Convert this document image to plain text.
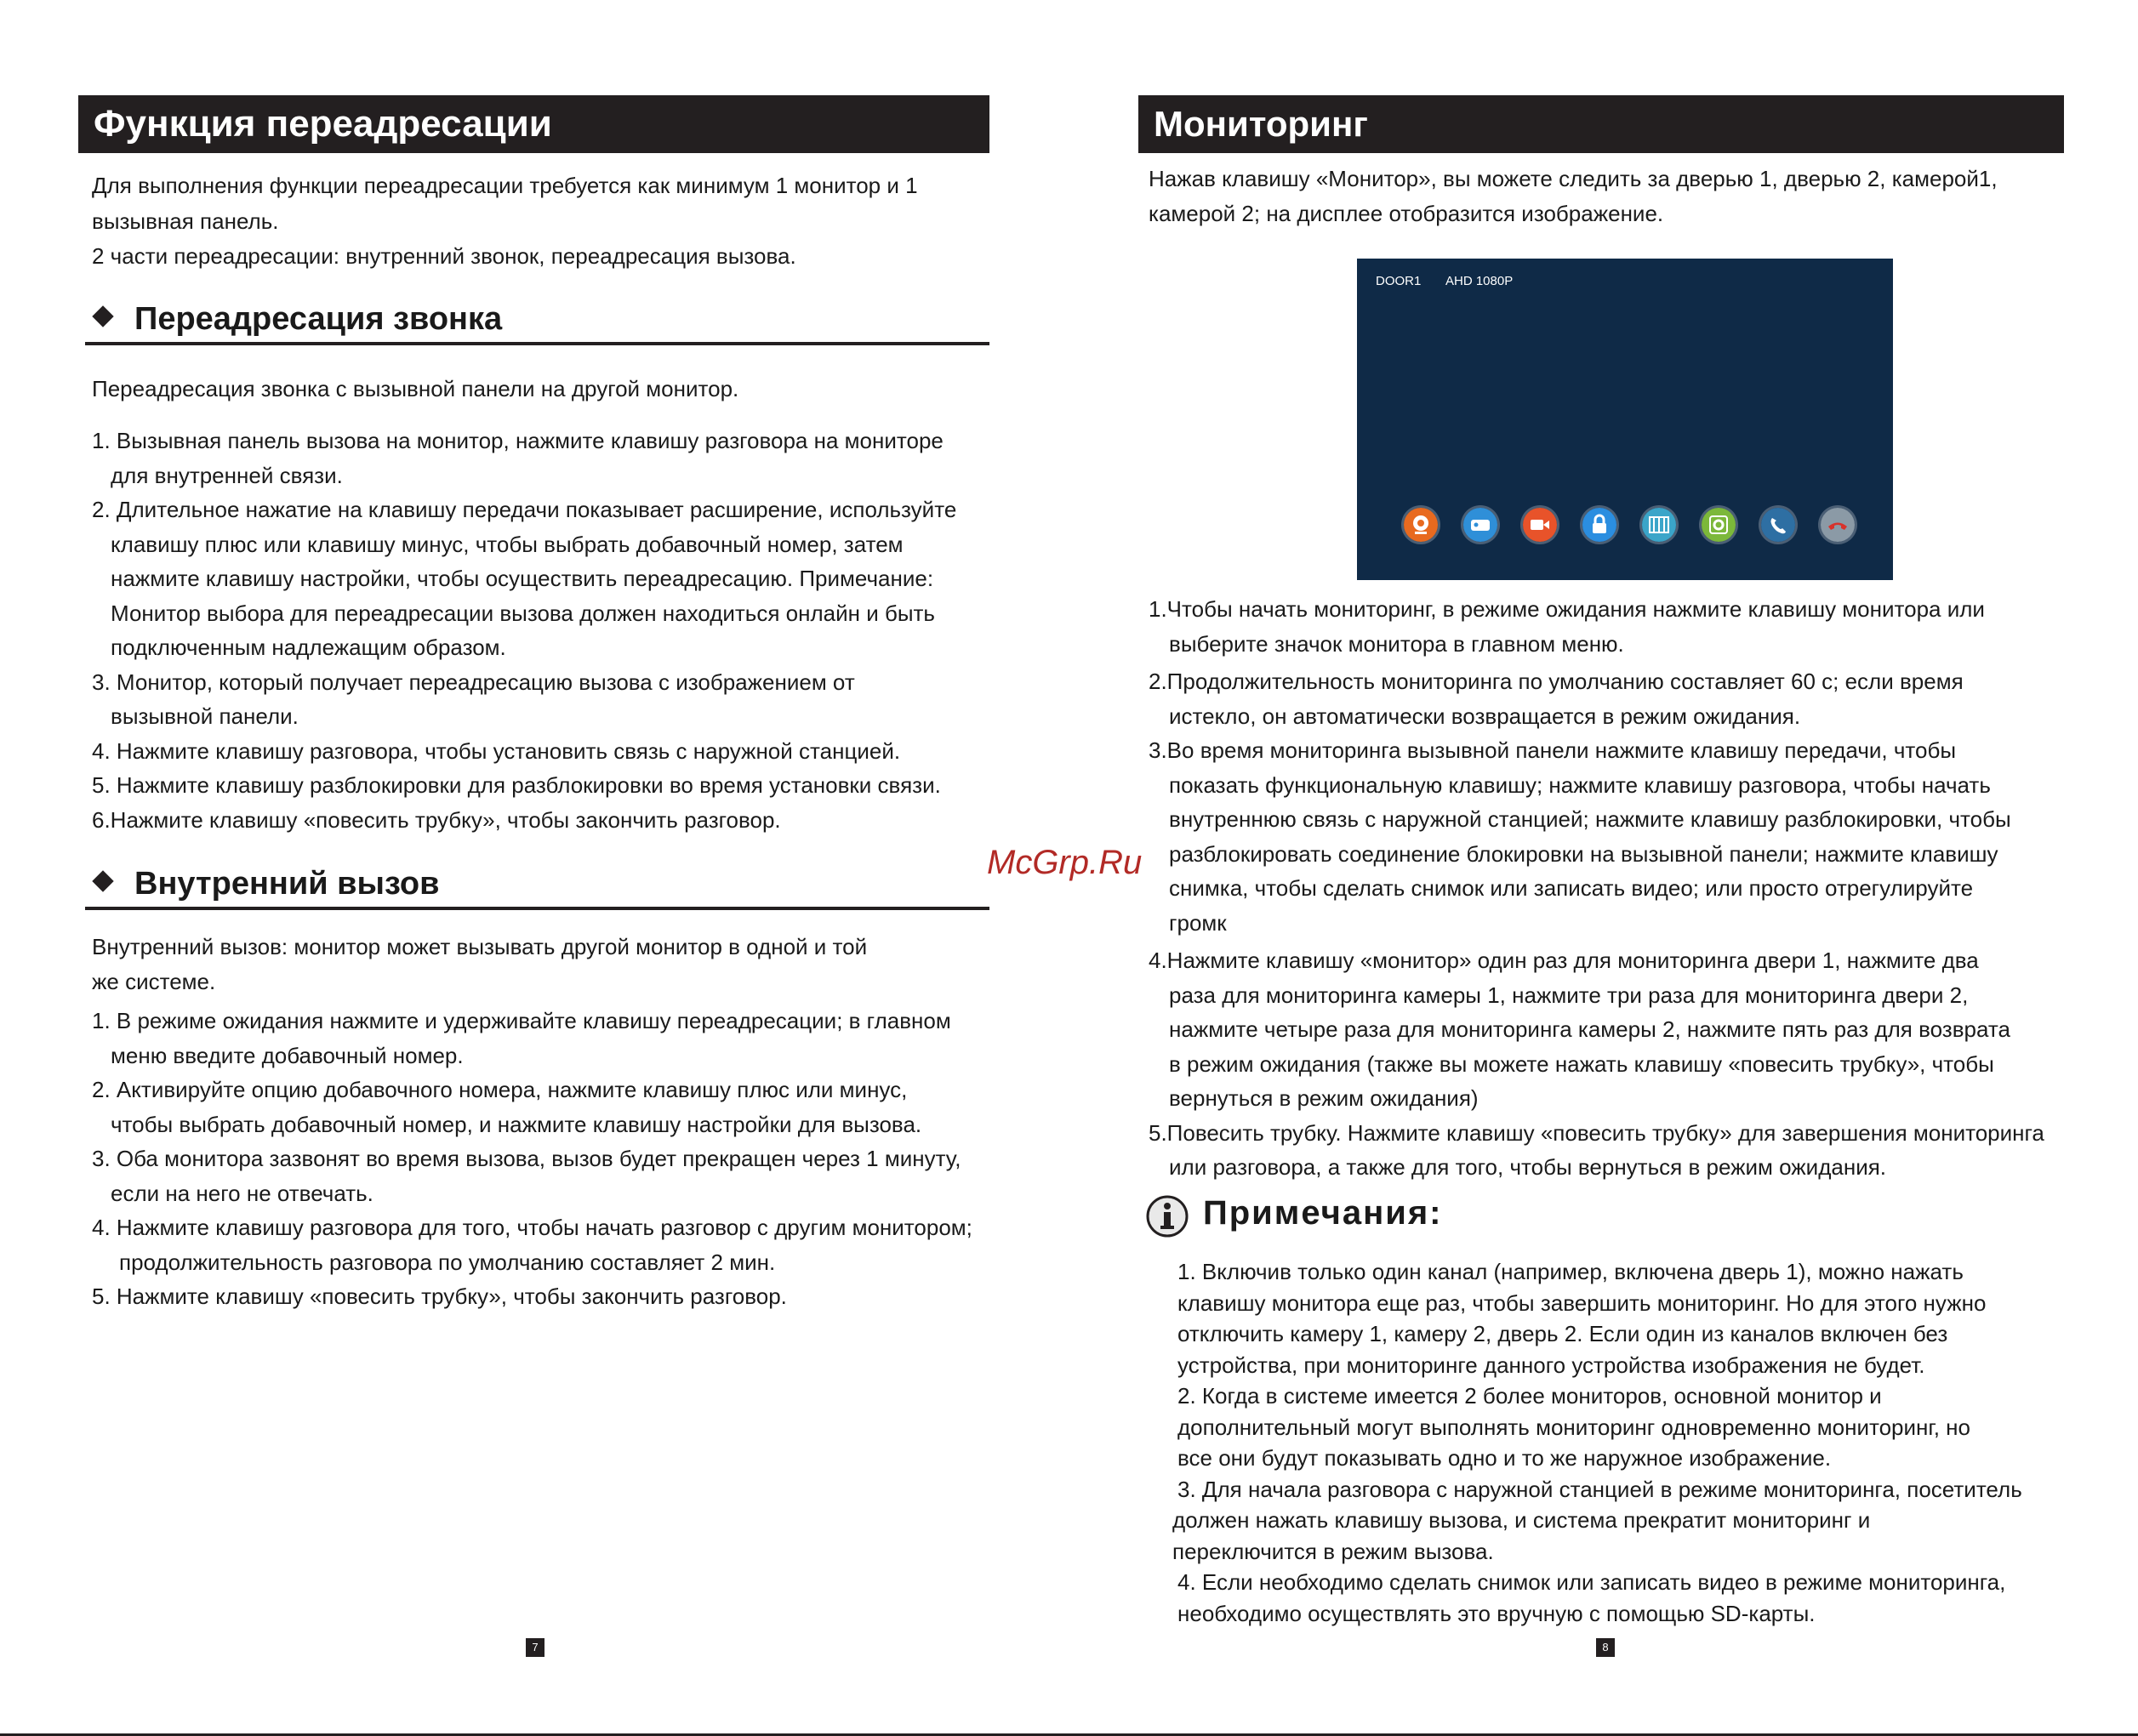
Функция переадресации

Для выполнения функции переадресации требуется как минимум 1 монитор и 1

вызывная панель.

2 части переадресации: внутренний звонок, переадресация вызова.

Переадресация звонка
Переадресация звонка с вызывной панели на другой монитор.
1. Вызывная панель вызова на монитор, нажмите клавишу разговора на мониторе
для внутренней связи.
2. Длительное нажатие на клавишу передачи показывает расширение, используйте
клавишу плюс или клавишу минус, чтобы выбрать добавочный номер, затем
нажмите клавишу настройки, чтобы осуществить переадресацию. Примечание:
Монитор выбора для переадресации вызова должен находиться онлайн и быть
подключенным надлежащим образом.
3. Монитор, который получает переадресацию вызова с изображением от
вызывной панели.
4. Нажмите клавишу разговора, чтобы установить связь с наружной станцией.
5. Нажмите клавишу разблокировки для разблокировки во время установки связи.
6.Нажмите клавишу «повесить трубку», чтобы закончить разговор.
Внутренний вызов

Внутренний вызов: монитор может вызывать другой монитор в одной и той

же системе.

1. В режиме ожидания нажмите и удерживайте клавишу переадресации; в главном
меню введите добавочный номер.
2. Активируйте опцию добавочного номера, нажмите клавишу плюс или минус,
чтобы выбрать добавочный номер, и нажмите клавишу настройки для вызова.
3. Оба монитора зазвонят во время вызова, вызов будет прекращен через 1 минуту,
если на него не отвечать.
4. Нажмите клавишу разговора для того, чтобы начать разговор с другим монитором;
продолжительность разговора по умолчанию составляет 2 мин.
5. Нажмите клавишу «повесить трубку», чтобы закончить разговор.
7
Мониторинг

Нажав клавишу «Монитор», вы можете следить за дверью 1, дверью 2, камерой1,

камерой 2; на дисплее отобразится изображение.

DOOR1 AHD 1080P
1.Чтобы начать мониторинг, в режиме ожидания нажмите клавишу монитора или
выберите значок монитора в главном меню.
2.Продолжительность мониторинга по умолчанию составляет 60 с; если время
истекло, он автоматически возвращается в режим ожидания.
3.Во время мониторинга вызывной панели нажмите клавишу передачи, чтобы
показать функциональную клавишу; нажмите клавишу разговора, чтобы начать
внутреннюю связь с наружной станцией; нажмите клавишу разблокировки, чтобы
разблокировать соединение блокировки на вызывной панели; нажмите клавишу
снимка, чтобы сделать снимок или записать видео; или просто отрегулируйте
громк
4.Нажмите клавишу «монитор» один раз для мониторинга двери 1, нажмите два
раза для мониторинга камеры 1, нажмите три раза для мониторинга двери 2,
нажмите четыре раза для мониторинга камеры 2, нажмите пять раз для возврата
в режим ожидания (также вы можете нажать клавишу «повесить трубку», чтобы
вернуться в режим ожидания)
5.Повесить трубку. Нажмите клавишу «повесить трубку» для завершения мониторинга
или разговора, а также для того, чтобы вернуться в режим ожидания.
Примечания:
1. Включив только один канал (например, включена дверь 1), можно нажать
клавишу монитора еще раз, чтобы завершить мониторинг. Но для этого нужно
отключить камеру 1, камеру 2, дверь 2. Если один из каналов включен без
устройства, при мониторинге данного устройства изображения не будет.
2. Когда в системе имеется 2 более мониторов, основной монитор и
дополнительный могут выполнять мониторинг одновременно мониторинг, но
все они будут показывать одно и то же наружное изображение.
3. Для начала разговора с наружной станцией в режиме мониторинга, посетитель
должен нажать клавишу вызова, и система прекратит мониторинг и
переключится в режим вызова.
4. Если необходимо сделать снимок или записать видео в режиме мониторинга,
необходимо осуществлять это вручную с помощью SD-карты.
8
McGrp.Ru
